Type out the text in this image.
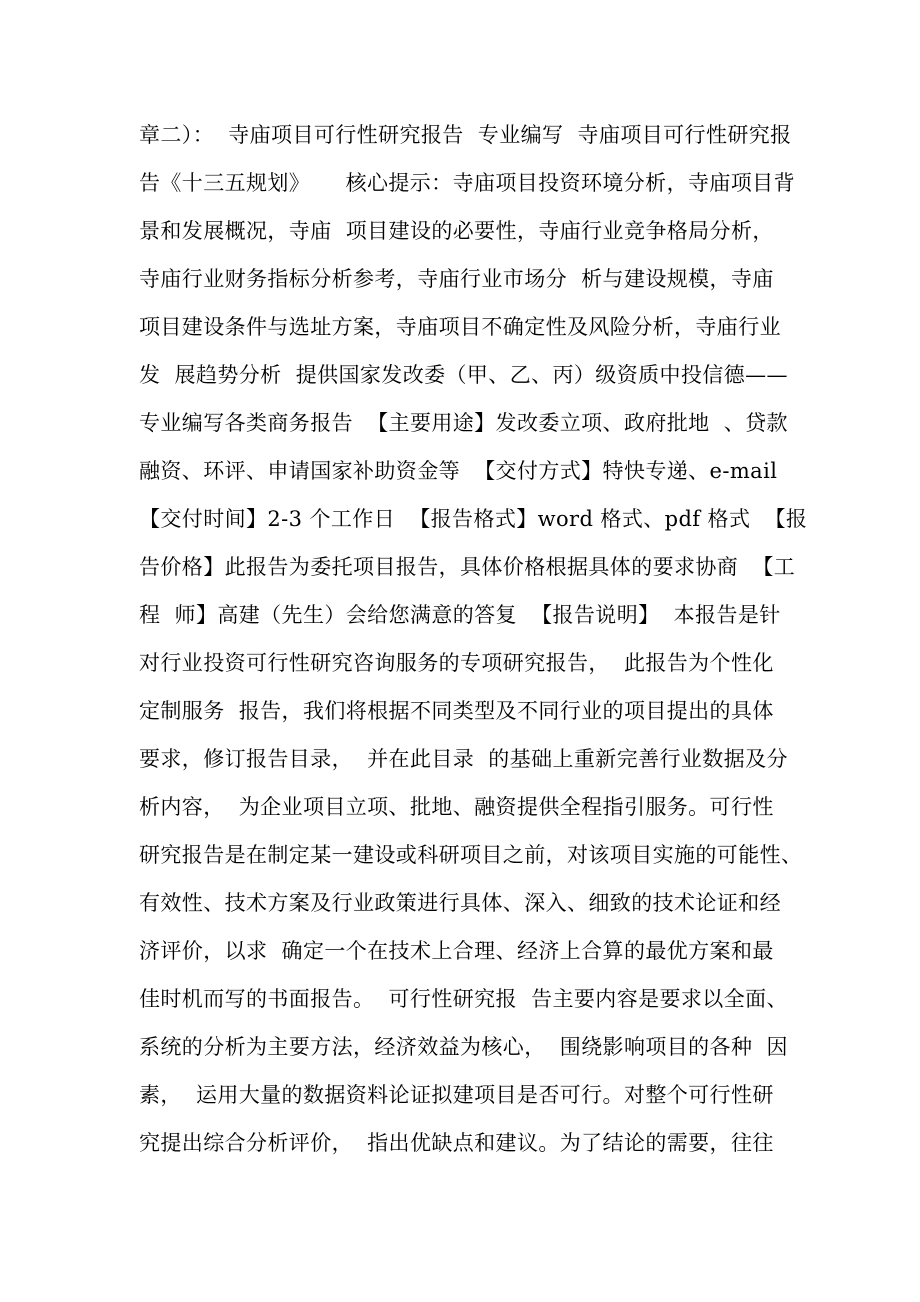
章二）：  寺庙项目可行性研究报告  专业编写  寺庙项目可行性研究报
告《十三五规划》     核心提示：寺庙项目投资环境分析，寺庙项目背
景和发展概况，寺庙  项目建设的必要性，寺庙行业竞争格局分析，
寺庙行业财务指标分析参考，寺庙行业市场分  析与建设规模，寺庙
项目建设条件与选址方案，寺庙项目不确定性及风险分析，寺庙行业
发  展趋势分析  提供国家发改委（甲、乙、丙）级资质中投信德——
专业编写各类商务报告  【主要用途】发改委立项、政府批地  、贷款
融资、环评、申请国家补助资金等  【交付方式】特快专递、e-mail
【交付时间】2-3 个工作日  【报告格式】word 格式、pdf 格式  【报
告价格】此报告为委托项目报告，具体价格根据具体的要求协商  【工
程  师】高建（先生）会给您满意的答复  【报告说明】  本报告是针
对行业投资可行性研究咨询服务的专项研究报告，  此报告为个性化
定制服务  报告，我们将根据不同类型及不同行业的项目提出的具体
要求，修订报告目录，  并在此目录  的基础上重新完善行业数据及分
析内容，  为企业项目立项、批地、融资提供全程指引服务。可行性
研究报告是在制定某一建设或科研项目之前，对该项目实施的可能性、
有效性、技术方案及行业政策进行具体、深入、细致的技术论证和经
济评价，以求  确定一个在技术上合理、经济上合算的最优方案和最
佳时机而写的书面报告。  可行性研究报  告主要内容是要求以全面、
系统的分析为主要方法，经济效益为核心，  围绕影响项目的各种  因
素，  运用大量的数据资料论证拟建项目是否可行。对整个可行性研
究提出综合分析评价，  指出优缺点和建议。为了结论的需要，往往
